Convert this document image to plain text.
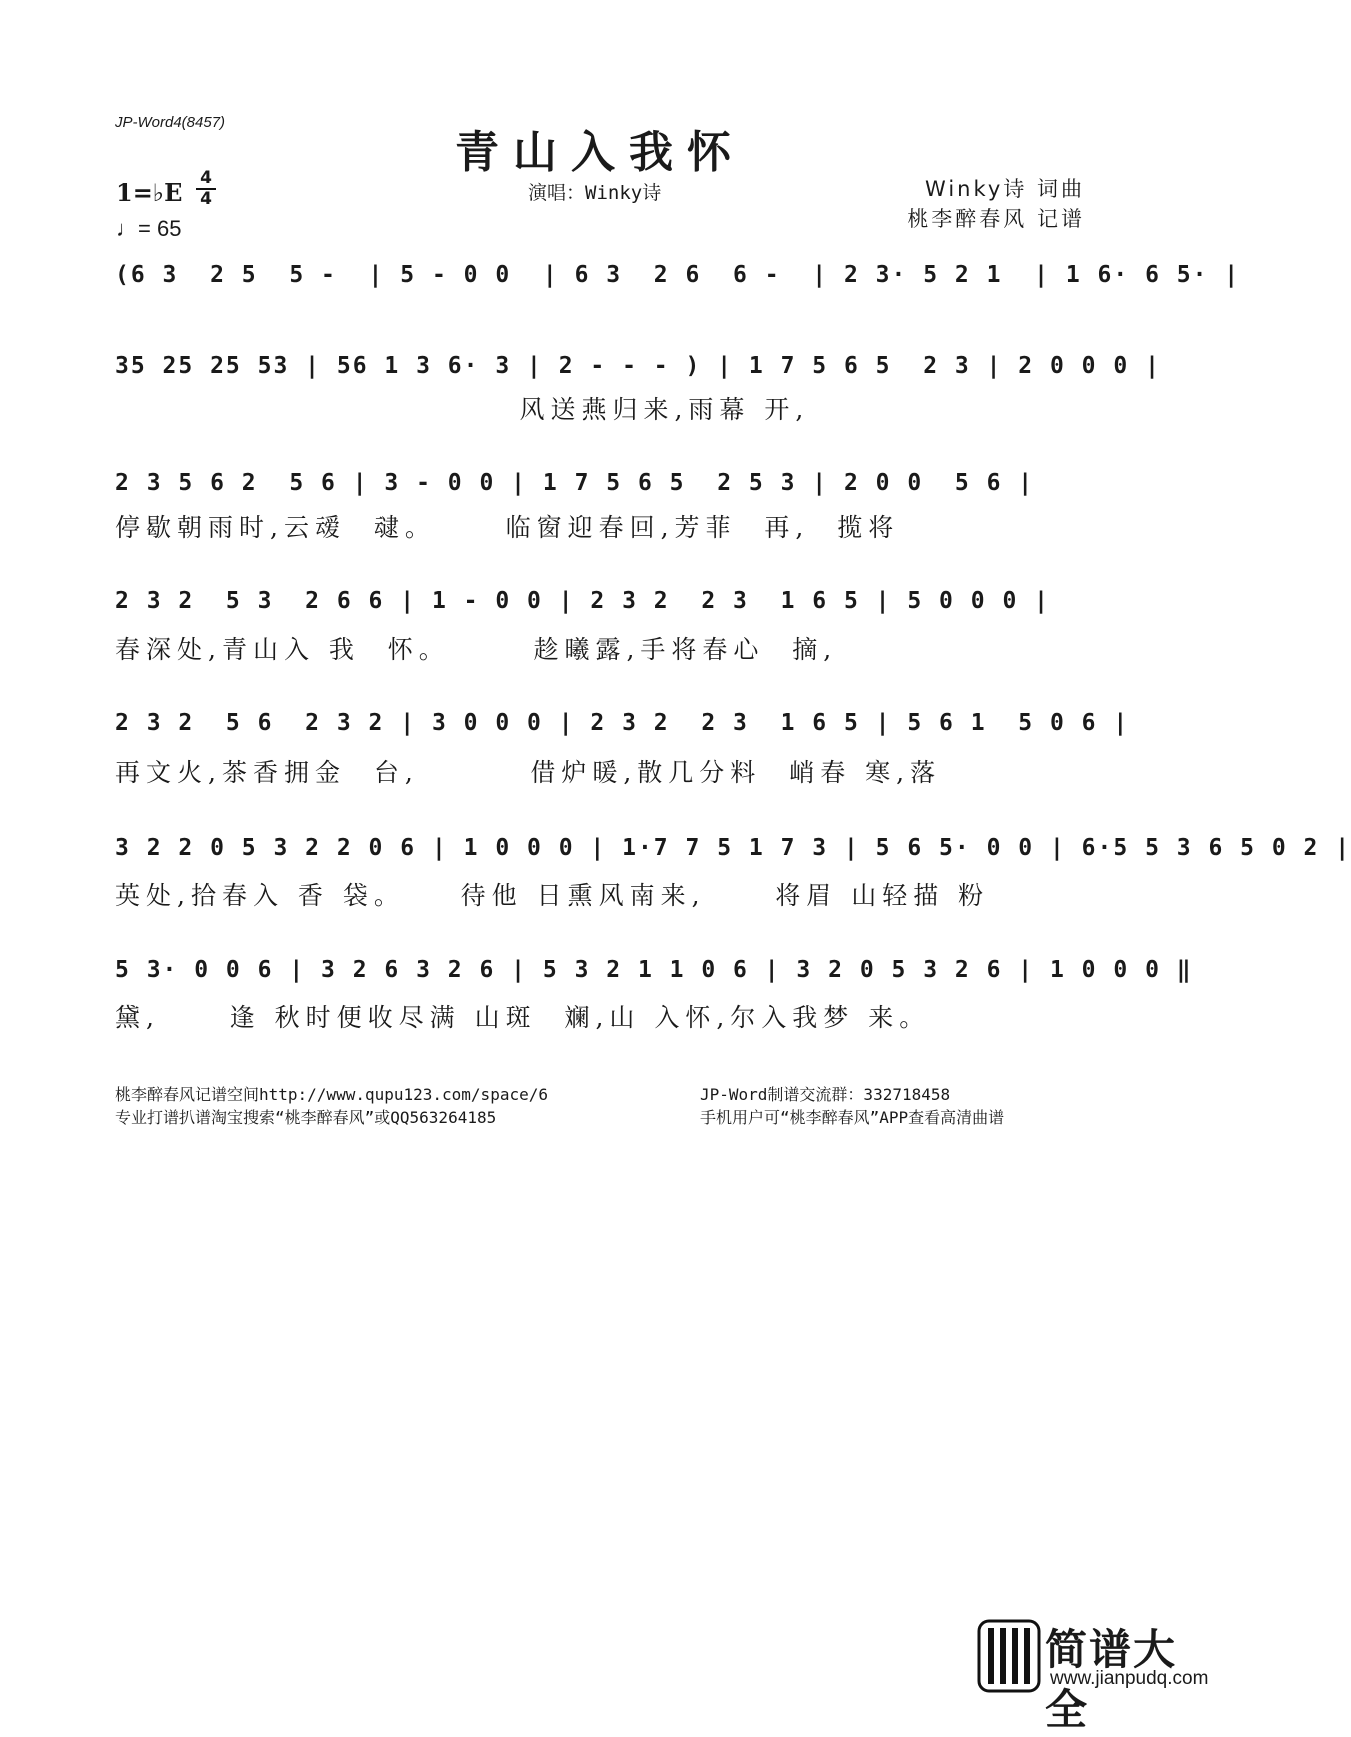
JP-Word4(8457)
青山入我怀
1=♭E 4
4
♩= 65
演唱：Winky诗	Winky诗 词曲
桃李醉春风 记谱
(6 3  2 5  5 -  | 5 - 0 0  | 6 3  2 6  6 -  | 2 3· 5 2 1  | 1 6· 6 5· |
35 25 25 53 | 56 1 3 6· 3 | 2 - - - ) | 1 7 5 6 5  2 3 | 2 0 0 0 |
风送燕归来,雨幕 开,
2 3 5 6 2  5 6 | 3 - 0 0 | 1 7 5 6 5  2 5 3 | 2 0 0  5 6 |
停歇朝雨时,云叆  叇。     临窗迎春回,芳菲  再,  揽将
2 3 2  5 3  2 6 6 | 1 - 0 0 | 2 3 2  2 3  1 6 5 | 5 0 0 0 |
春深处,青山入 我  怀。      趁曦露,手将春心  摘,
2 3 2  5 6  2 3 2 | 3 0 0 0 | 2 3 2  2 3  1 6 5 | 5 6 1  5 0 6 |
再文火,茶香拥金  台,        借炉暖,散几分料  峭春 寒,落
3 2 2 0 5 3 2 2 0 6 | 1 0 0 0 | 1·7 7 5 1 7 3 | 5 6 5· 0 0 | 6·5 5 3 6 5 0 2 |
英处,拾春入 香 袋。    待他 日熏风南来,     将眉 山轻描 粉
5 3· 0 0 6 | 3 2 6 3 2 6 | 5 3 2 1 1 0 6 | 3 2 0 5 3 2 6 | 1 0 0 0 ‖
黛,     逢 秋时便收尽满 山斑  斓,山 入怀,尔入我梦 来。
桃李醉春风记谱空间http://www.qupu123.com/space/6
专业打谱扒谱淘宝搜索“桃李醉春风”或QQ563264185
JP-Word制谱交流群：332718458
手机用户可“桃李醉春风”APP查看高清曲谱
简谱大全
www.jianpudq.com
